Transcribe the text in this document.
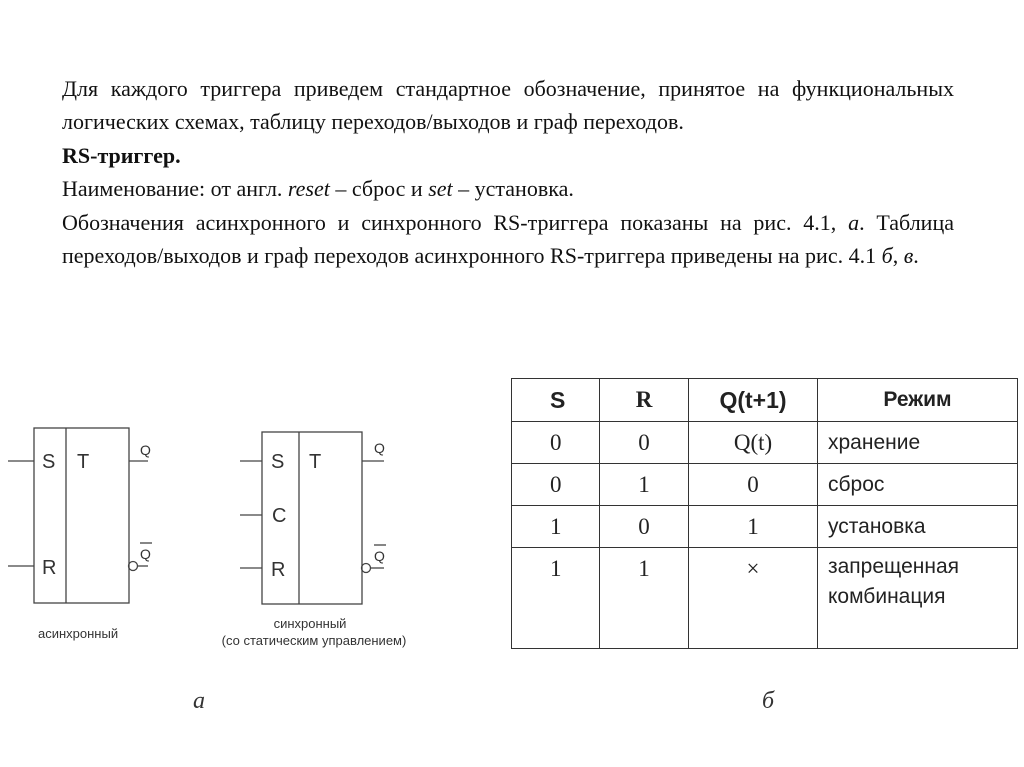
Для каждого триггера приведем стандартное обозначение, принятое на функциональных логических схемах, таблицу переходов/выходов и граф переходов.

RS-триггер.

Наименование: от англ. reset – сброс и set – установка.

Обозначения асинхронного и синхронного RS-триггера показаны на рис. 4.1, а. Таблица переходов/выходов и граф переходов асинхронного RS-триггера приведены на рис. 4.1 б, в.

S
R
T
Q
Q
асинхронный
S
C
R
T
Q
Q
синхронный
(со статическим управлением)
S	R	Q(t+1)	Режим
0	0	Q(t)	хранение
0	1	0	сброс
1	0	1	установка
1	1	×	запрещенная комбинация
а	б
